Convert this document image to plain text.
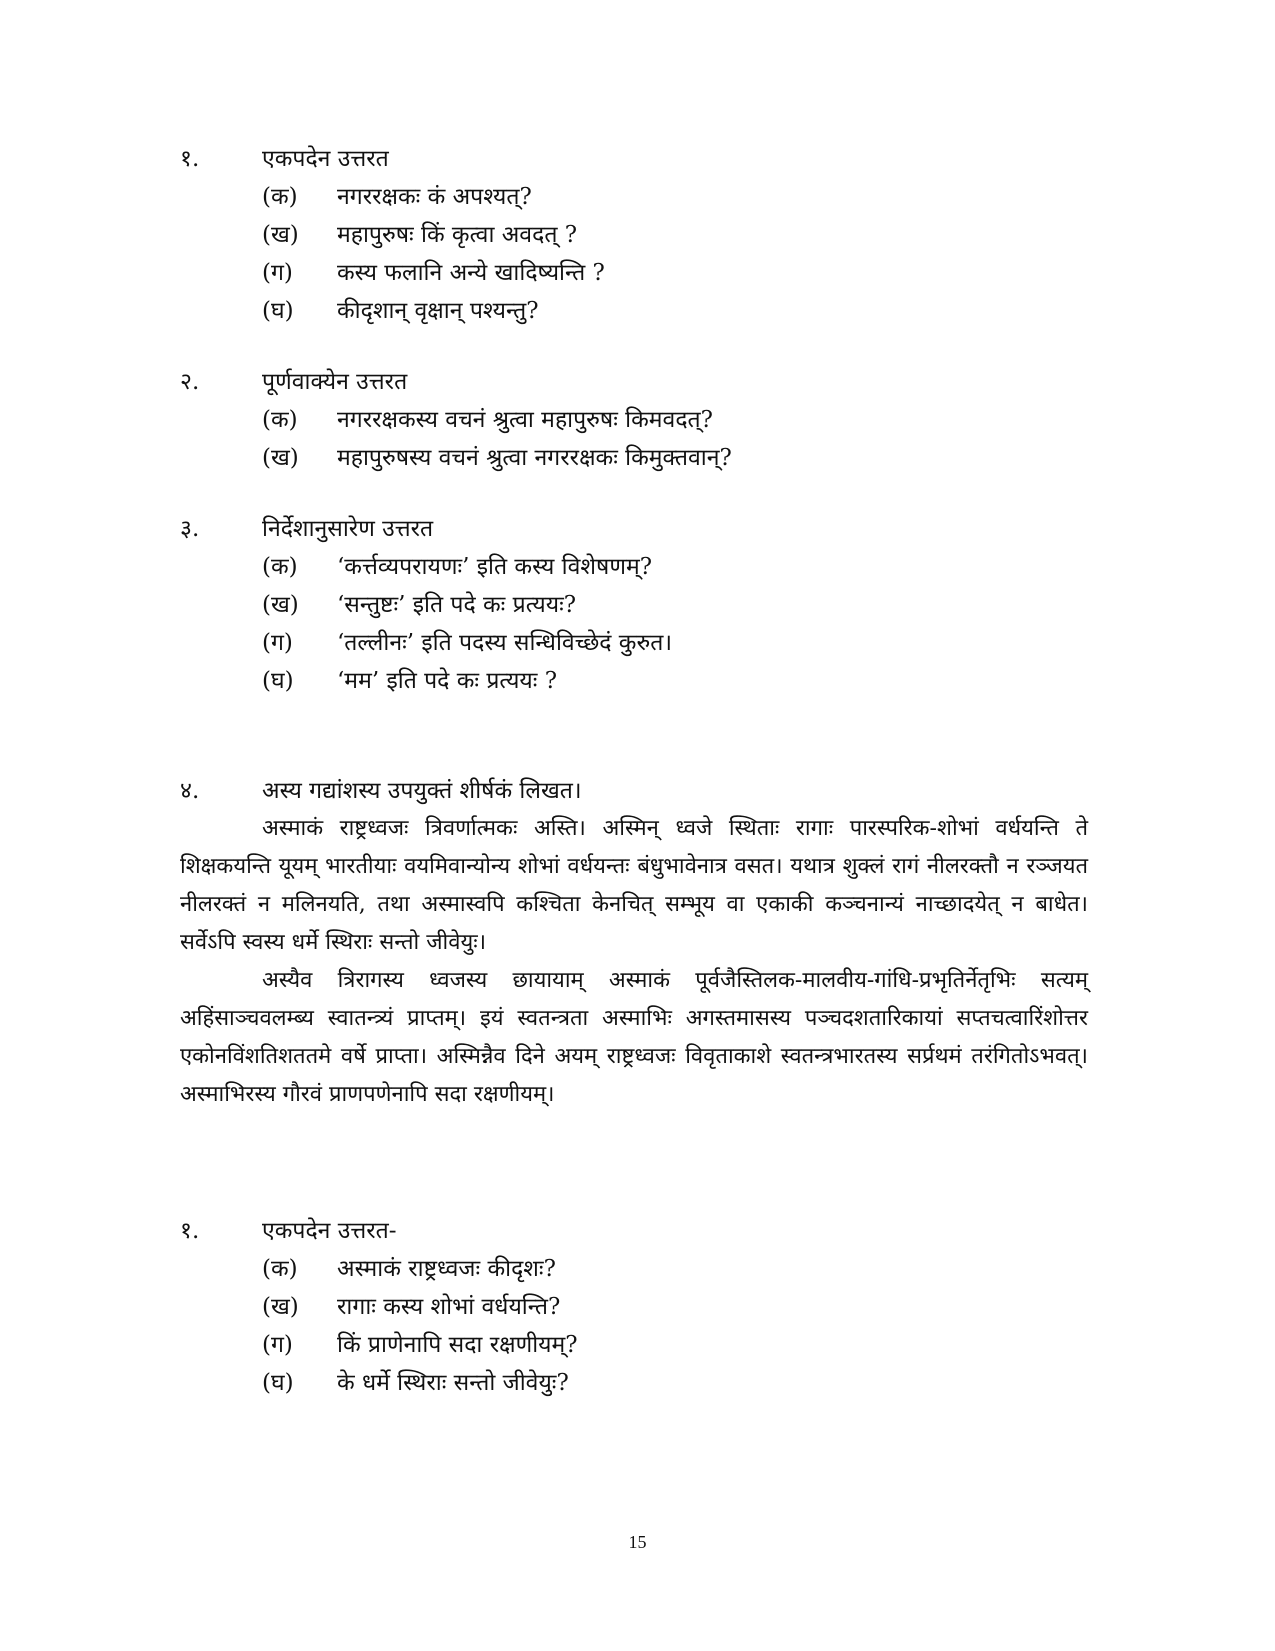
१.	एकपदेन उत्तरत
(क) नगररक्षकः कं अपश्यत्?
(ख) महापुरुषः किं कृत्वा अवदत् ?
(ग) कस्य फलानि अन्ये खादिष्यन्ति ?
(घ) कीदृशान् वृक्षान् पश्यन्तु?
२.	पूर्णवाक्येन उत्तरत
(क) नगररक्षकस्य वचनं श्रुत्वा महापुरुषः किमवदत्?
(ख) महापुरुषस्य वचनं श्रुत्वा नगररक्षकः किमुक्तवान्?
३.	निर्देशानुसारेण उत्तरत
(क) ‘कर्त्तव्यपरायणः’ इति कस्य विशेषणम्?
(ख) ‘सन्तुष्टः’ इति पदे कः प्रत्ययः?
(ग) ‘तल्लीनः’ इति पदस्य सन्धिविच्छेदं कुरुत।
(घ) ‘मम’ इति पदे कः प्रत्ययः ?
४.	अस्य गद्यांशस्य उपयुक्तं शीर्षकं लिखत।

अस्माकं राष्ट्रध्वजः त्रिवर्णात्मकः अस्ति। अस्मिन् ध्वजे स्थिताः रागाः पारस्परिक-शोभां वर्धयन्ति ते शिक्षकयन्ति यूयम् भारतीयाः वयमिवान्योन्य शोभां वर्धयन्तः बंधुभावेनात्र वसत। यथात्र शुक्लं रागं नीलरक्तौ न रञ्जयत नीलरक्तं न मलिनयति, तथा अस्मास्वपि कश्चिता केनचित् सम्भूय वा एकाकी कञ्चनान्यं नाच्छादयेत् न बाधेत। सर्वेऽपि स्वस्य धर्मे स्थिराः सन्तो जीवेयुः।

अस्यैव त्रिरागस्य ध्वजस्य छायायाम् अस्माकं पूर्वजैस्तिलक-मालवीय-गांधि-प्रभृतिर्नेतृभिः सत्यम् अहिंसाञ्चवलम्ब्य स्वातन्त्र्यं प्राप्तम्। इयं स्वतन्त्रता अस्माभिः अगस्तमासस्य पञ्चदशतारिकायां सप्तचत्वारिंशोत्तर एकोनविंशतिशततमे वर्षे प्राप्ता। अस्मिन्नैव दिने अयम् राष्ट्रध्वजः विवृताकाशे स्वतन्त्रभारतस्य सर्प्रथमं तरंगितोऽभवत्। अस्माभिरस्य गौरवं प्राणपणेनापि सदा रक्षणीयम्।

१.	एकपदेन उत्तरत-
(क) अस्माकं राष्ट्रध्वजः कीदृशः?
(ख) रागाः कस्य शोभां वर्धयन्ति?
(ग) किं प्राणेनापि सदा रक्षणीयम्?
(घ) के धर्मे स्थिराः सन्तो जीवेयुः?
15
